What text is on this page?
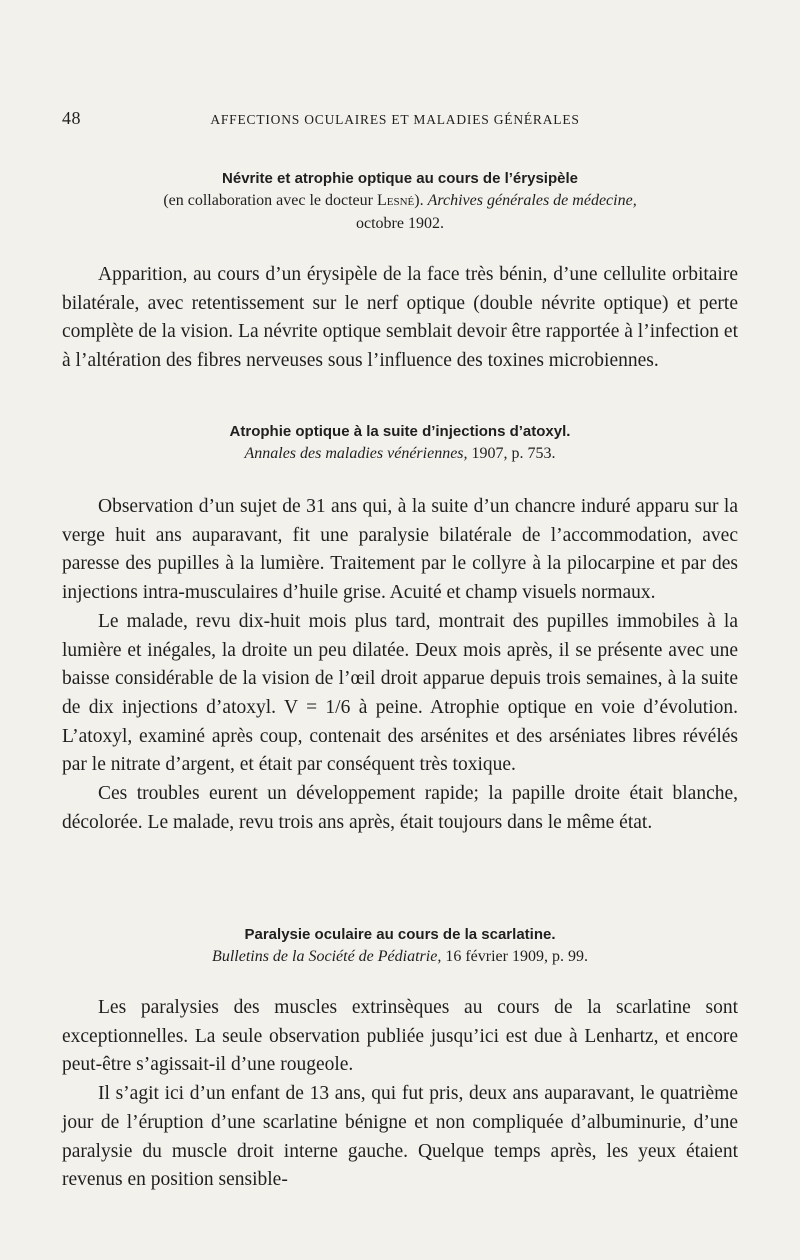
48	AFFECTIONS OCULAIRES ET MALADIES GÉNÉRALES

Névrite et atrophie optique au cours de l’érysipèle

(en collaboration avec le docteur Lesné). Archives générales de médecine,
octobre 1902.

Apparition, au cours d’un érysipèle de la face très bénin, d’une cellulite orbitaire bilatérale, avec retentissement sur le nerf optique (double névrite optique) et perte complète de la vision. La névrite optique semblait devoir être rapportée à l’infection et à l’altération des fibres nerveuses sous l’influence des toxines microbiennes.

Atrophie optique à la suite d’injections d’atoxyl.

Annales des maladies vénériennes, 1907, p. 753.

Observation d’un sujet de 31 ans qui, à la suite d’un chancre induré apparu sur la verge huit ans auparavant, fit une paralysie bilatérale de l’accommodation, avec paresse des pupilles à la lumière. Traitement par le collyre à la pilocarpine et par des injections intra-musculaires d’huile grise. Acuité et champ visuels normaux.

Le malade, revu dix-huit mois plus tard, montrait des pupilles immobiles à la lumière et inégales, la droite un peu dilatée. Deux mois après, il se présente avec une baisse considérable de la vision de l’œil droit apparue depuis trois semaines, à la suite de dix injections d’atoxyl. V = 1/6 à peine. Atrophie optique en voie d’évolution. L’atoxyl, examiné après coup, contenait des arsénites et des arséniates libres révélés par le nitrate d’argent, et était par conséquent très toxique.

Ces troubles eurent un développement rapide; la papille droite était blanche, décolorée. Le malade, revu trois ans après, était toujours dans le même état.

Paralysie oculaire au cours de la scarlatine.

Bulletins de la Société de Pédiatrie, 16 février 1909, p. 99.

Les paralysies des muscles extrinsèques au cours de la scarlatine sont exceptionnelles. La seule observation publiée jusqu’ici est due à Lenhartz, et encore peut-être s’agissait-il d’une rougeole.

Il s’agit ici d’un enfant de 13 ans, qui fut pris, deux ans auparavant, le quatrième jour de l’éruption d’une scarlatine bénigne et non compliquée d’albuminurie, d’une paralysie du muscle droit interne gauche. Quelque temps après, les yeux étaient revenus en position sensible-
